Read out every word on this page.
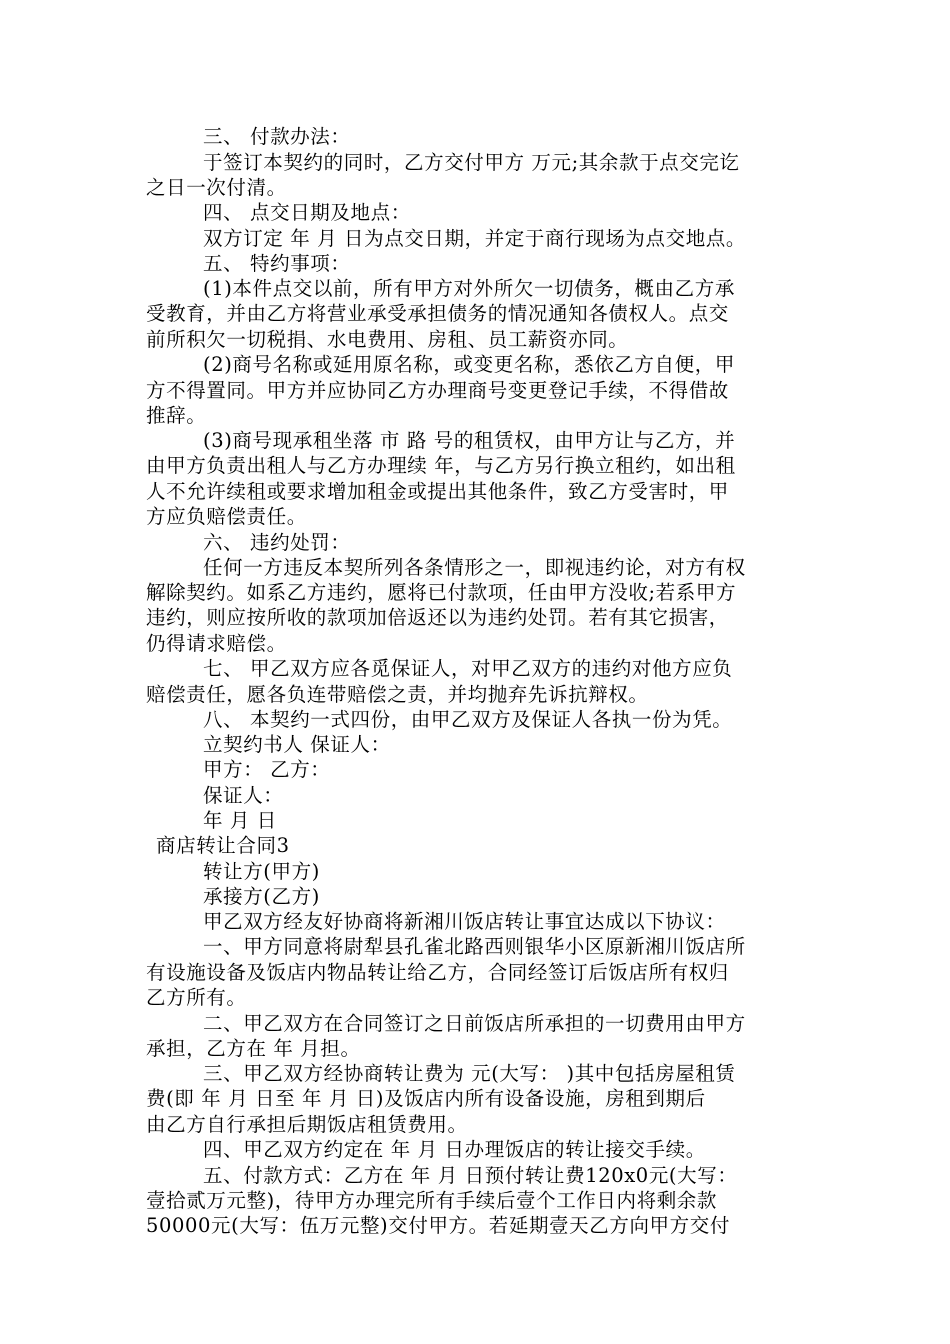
三、 付款办法：
于签订本契约的同时，乙方交付甲方 万元;其余款于点交完讫
之日一次付清。
四、 点交日期及地点：
双方订定 年 月 日为点交日期，并定于商行现场为点交地点。
五、 特约事项：
(1)本件点交以前，所有甲方对外所欠一切债务，概由乙方承
受教育，并由乙方将营业承受承担债务的情况通知各债权人。点交
前所积欠一切税捐、水电费用、房租、员工薪资亦同。
(2)商号名称或延用原名称，或变更名称，悉依乙方自便，甲
方不得置同。甲方并应协同乙方办理商号变更登记手续，不得借故
推辞。
(3)商号现承租坐落 市 路 号的租赁权，由甲方让与乙方，并
由甲方负责出租人与乙方办理续 年，与乙方另行换立租约，如出租
人不允许续租或要求增加租金或提出其他条件，致乙方受害时，甲
方应负赔偿责任。
六、 违约处罚：
任何一方违反本契所列各条情形之一，即视违约论，对方有权
解除契约。如系乙方违约，愿将已付款项，任由甲方没收;若系甲方
违约，则应按所收的款项加倍返还以为违约处罚。若有其它损害，
仍得请求赔偿。
七、 甲乙双方应各觅保证人，对甲乙双方的违约对他方应负
赔偿责任，愿各负连带赔偿之责，并均抛弃先诉抗辩权。
八、 本契约一式四份，由甲乙双方及保证人各执一份为凭。
立契约书人 保证人：
甲方： 乙方：
保证人：
年 月 日
商店转让合同3
转让方(甲方)
承接方(乙方)
甲乙双方经友好协商将新湘川饭店转让事宜达成以下协议：
一、甲方同意将尉犁县孔雀北路西则银华小区原新湘川饭店所
有设施设备及饭店内物品转让给乙方，合同经签订后饭店所有权归
乙方所有。
二、甲乙双方在合同签订之日前饭店所承担的一切费用由甲方
承担，乙方在 年 月担。
三、甲乙双方经协商转让费为 元(大写： )其中包括房屋租赁
费(即 年 月 日至 年 月 日)及饭店内所有设备设施，房租到期后
由乙方自行承担后期饭店租赁费用。
四、甲乙双方约定在 年 月 日办理饭店的转让接交手续。
五、付款方式：乙方在 年 月 日预付转让费120x0元(大写：
壹拾贰万元整)，待甲方办理完所有手续后壹个工作日内将剩余款
50000元(大写：伍万元整)交付甲方。若延期壹天乙方向甲方交付
